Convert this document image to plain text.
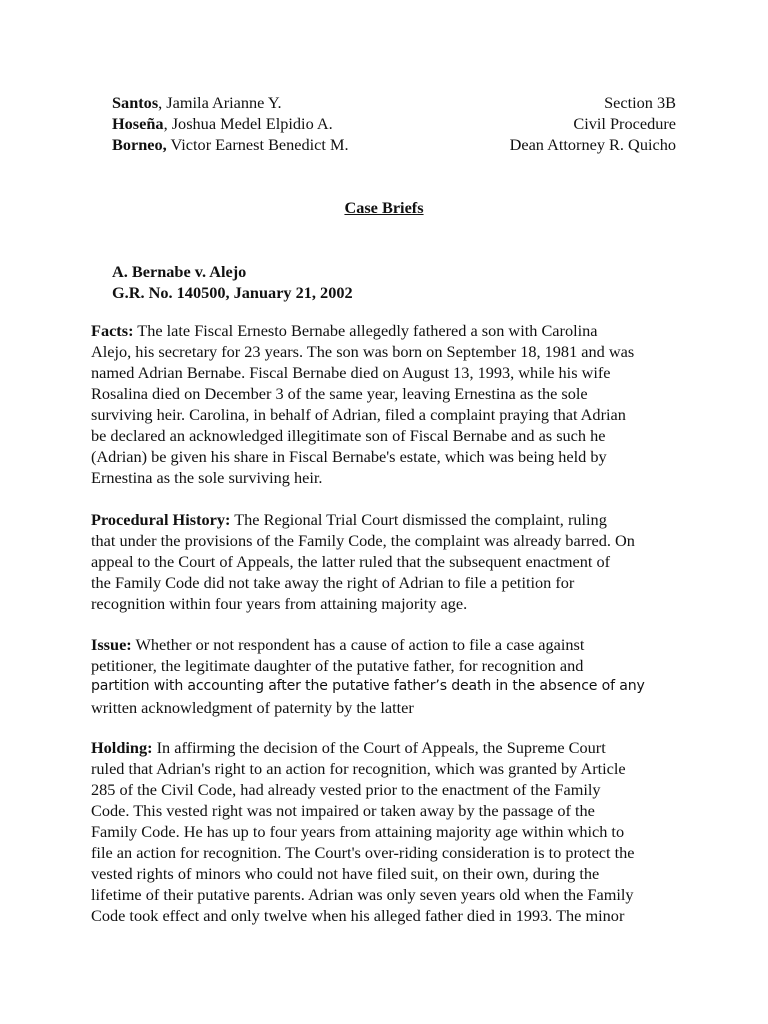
Santos, Jamila Arianne Y.	Section 3B
Hoseña, Joshua Medel Elpidio A.	Civil Procedure
Borneo, Victor Earnest Benedict M.	Dean Attorney R. Quicho
Case Briefs
A. Bernabe v. Alejo
G.R. No. 140500, January 21, 2002
Facts: The late Fiscal Ernesto Bernabe allegedly fathered a son with Carolina
Alejo, his secretary for 23 years. The son was born on September 18, 1981 and was
named Adrian Bernabe. Fiscal Bernabe died on August 13, 1993, while his wife
Rosalina died on December 3 of the same year, leaving Ernestina as the sole
surviving heir. Carolina, in behalf of Adrian, filed a complaint praying that Adrian
be declared an acknowledged illegitimate son of Fiscal Bernabe and as such he
(Adrian) be given his share in Fiscal Bernabe's estate, which was being held by
Ernestina as the sole surviving heir.
Procedural History: The Regional Trial Court dismissed the complaint, ruling
that under the provisions of the Family Code, the complaint was already barred. On
appeal to the Court of Appeals, the latter ruled that the subsequent enactment of
the Family Code did not take away the right of Adrian to file a petition for
recognition within four years from attaining majority age.
Issue: Whether or not respondent has a cause of action to file a case against
petitioner, the legitimate daughter of the putative father, for recognition and
partition with accounting after the putative father’s death in the absence of any
written acknowledgment of paternity by the latter
Holding: In affirming the decision of the Court of Appeals, the Supreme Court
ruled that Adrian's right to an action for recognition, which was granted by Article
285 of the Civil Code, had already vested prior to the enactment of the Family
Code. This vested right was not impaired or taken away by the passage of the
Family Code. He has up to four years from attaining majority age within which to
file an action for recognition. The Court's over-riding consideration is to protect the
vested rights of minors who could not have filed suit, on their own, during the
lifetime of their putative parents. Adrian was only seven years old when the Family
Code took effect and only twelve when his alleged father died in 1993. The minor
